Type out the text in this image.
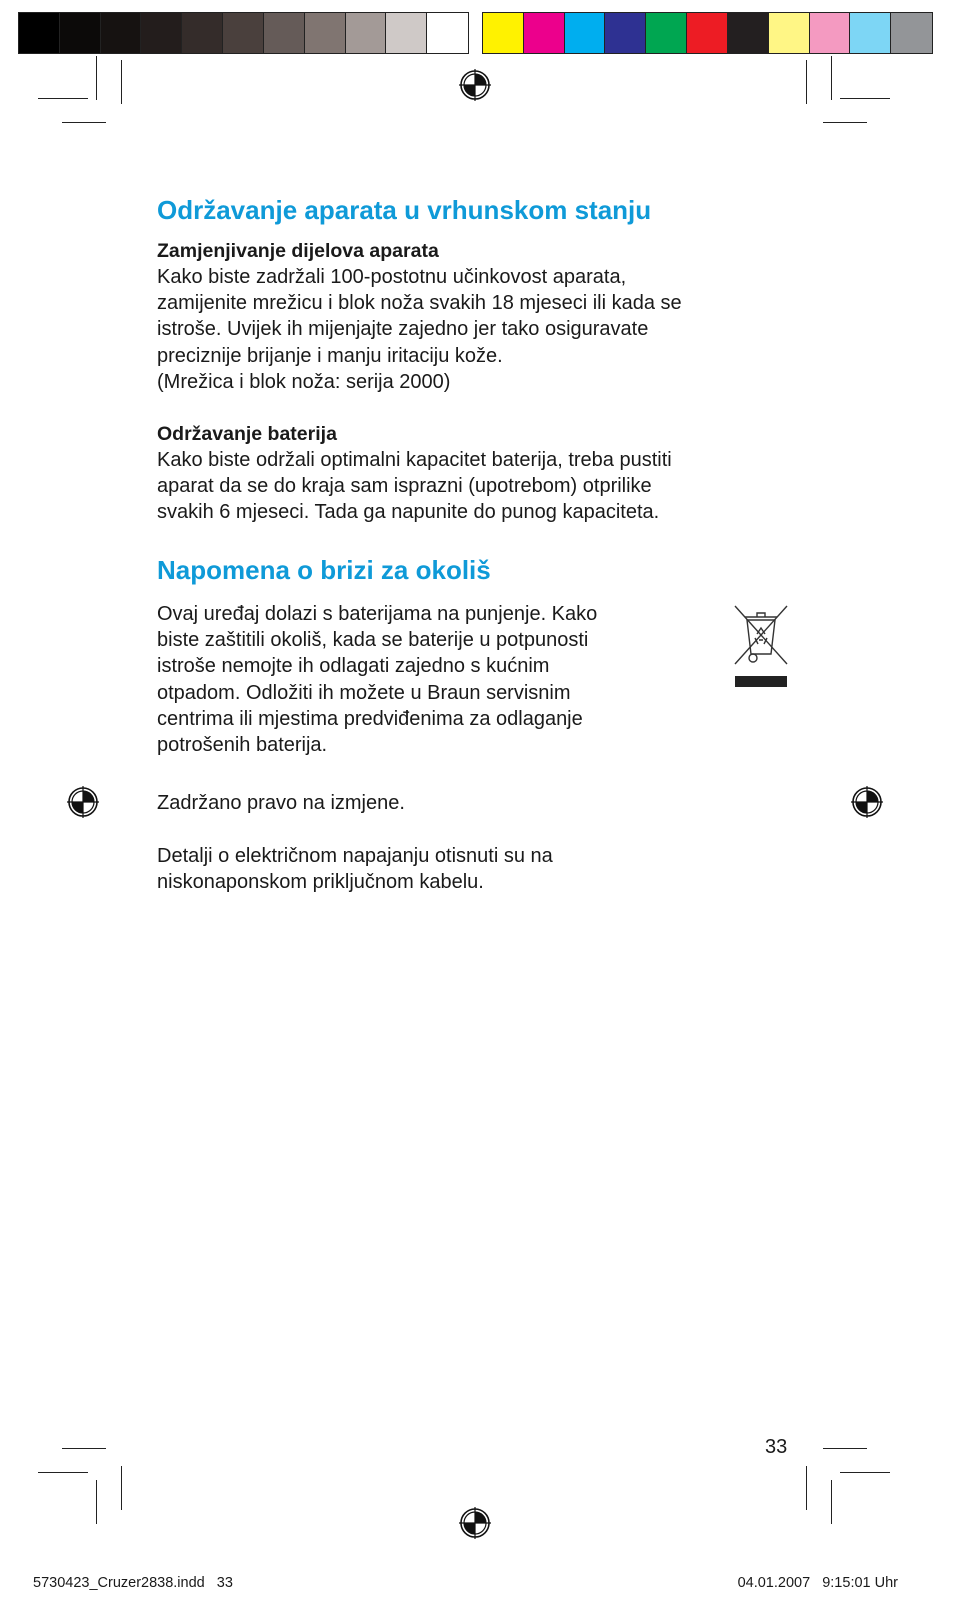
Održavanje aparata u vrhunskom stanju

Zamjenjivanje dijelova aparata

Kako biste zadržali 100-postotnu učinkovost aparata,

zamijenite mrežicu i blok noža svakih 18 mjeseci ili kada se

istroše. Uvijek ih mijenjajte zajedno jer tako osiguravate

preciznije brijanje i manju iritaciju kože.

(Mrežica i blok noža: serija 2000)

Održavanje baterija

Kako biste održali optimalni kapacitet baterija, treba pustiti

aparat da se do kraja sam isprazni (upotrebom) otprilike

svakih 6 mjeseci. Tada ga napunite do punog kapaciteta.

Napomena o brizi za okoliš

Ovaj uređaj dolazi s baterijama na punjenje. Kako

biste zaštitili okoliš, kada se baterije u potpunosti

istroše nemojte ih odlagati zajedno s kućnim

otpadom. Odložiti ih možete u Braun servisnim

centrima ili mjestima predviđenima za odlaganje

potrošenih baterija.

Zadržano pravo na izmjene.

Detalji o električnom napajanju otisnuti su na

niskonaponskom priključnom kabelu.

33
5730423_Cruzer2838.indd   33	04.01.2007   9:15:01 Uhr
